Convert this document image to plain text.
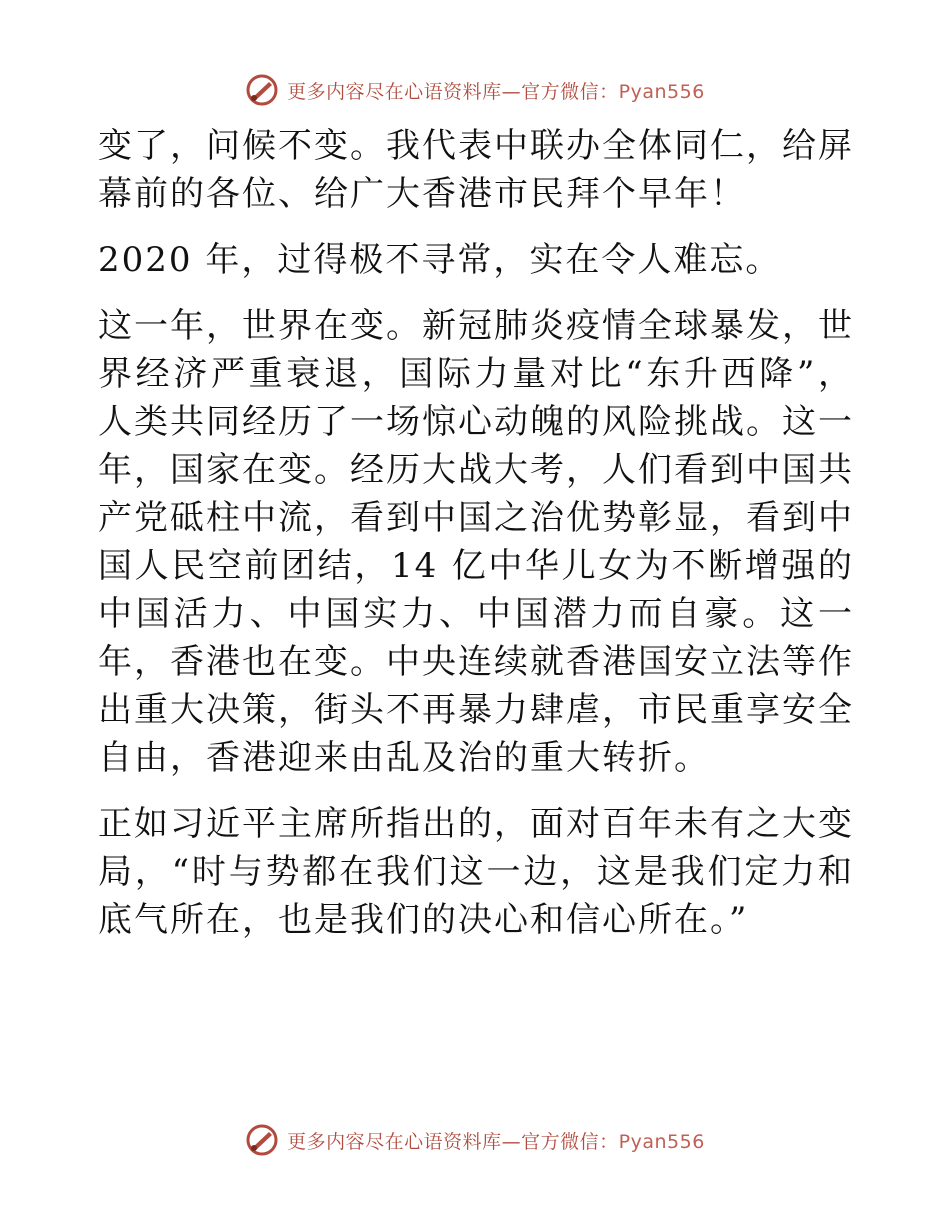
更多内容尽在心语资料库—官方微信：Pyan556

变了，问候不变。我代表中联办全体同仁，给屏幕前的各位、给广大香港市民拜个早年！

2020 年，过得极不寻常，实在令人难忘。

这一年，世界在变。新冠肺炎疫情全球暴发，世界经济严重衰退，国际力量对比“东升西降”，人类共同经历了一场惊心动魄的风险挑战。这一年，国家在变。经历大战大考，人们看到中国共产党砥柱中流，看到中国之治优势彰显，看到中国人民空前团结，14 亿中华儿女为不断增强的中国活力、中国实力、中国潜力而自豪。这一年，香港也在变。中央连续就香港国安立法等作出重大决策，街头不再暴力肆虐，市民重享安全自由，香港迎来由乱及治的重大转折。

正如习近平主席所指出的，面对百年未有之大变局，“时与势都在我们这一边，这是我们定力和底气所在，也是我们的决心和信心所在。”

更多内容尽在心语资料库—官方微信：Pyan556
